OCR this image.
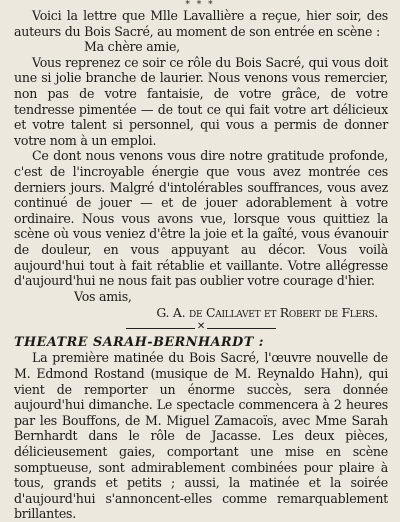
* * *

Voici la lettre que Mlle Lavallière a reçue, hier soir, des auteurs du Bois Sacré, au moment de son entrée en scène :

Ma chère amie,

Vous reprenez ce soir ce rôle du Bois Sacré, qui vous doit une si jolie branche de laurier. Nous venons vous remercier, non pas de votre fantaisie, de votre grâce, de votre tendresse pimentée — de tout ce qui fait votre art délicieux et votre talent si personnel, qui vous a permis de donner votre nom à un emploi.

Ce dont nous venons vous dire notre gratitude profonde, c'est de l'incroyable énergie que vous avez montrée ces derniers jours. Malgré d'intolérables souffrances, vous avez continué de jouer — et de jouer adorablement à votre ordinaire. Nous vous avons vue, lorsque vous quittiez la scène où vous veniez d'être la joie et la gaîté, vous évanouir de douleur, en vous appuyant au décor. Vous voilà aujourd'hui tout à fait rétablie et vaillante. Votre allégresse d'aujourd'hui ne nous fait pas oublier votre courage d'hier.

Vos amis,

G. A. de Caillavet et Robert de Flers.

✕

THEATRE SARAH-BERNHARDT :

La première matinée du Bois Sacré, l'œuvre nouvelle de M. Edmond Rostand (musique de M. Reynaldo Hahn), qui vient de remporter un énorme succès, sera donnée aujourd'hui dimanche. Le spectacle commencera à 2 heures par les Bouffons, de M. Miguel Zamacoïs, avec Mme Sarah Bernhardt dans le rôle de Jacasse. Les deux pièces, délicieusement gaies, comportant une mise en scène somptueuse, sont admirablement combinées pour plaire à tous, grands et petits ; aussi, la matinée et la soirée d'aujourd'hui s'annoncent-elles comme remarquablement brillantes.
